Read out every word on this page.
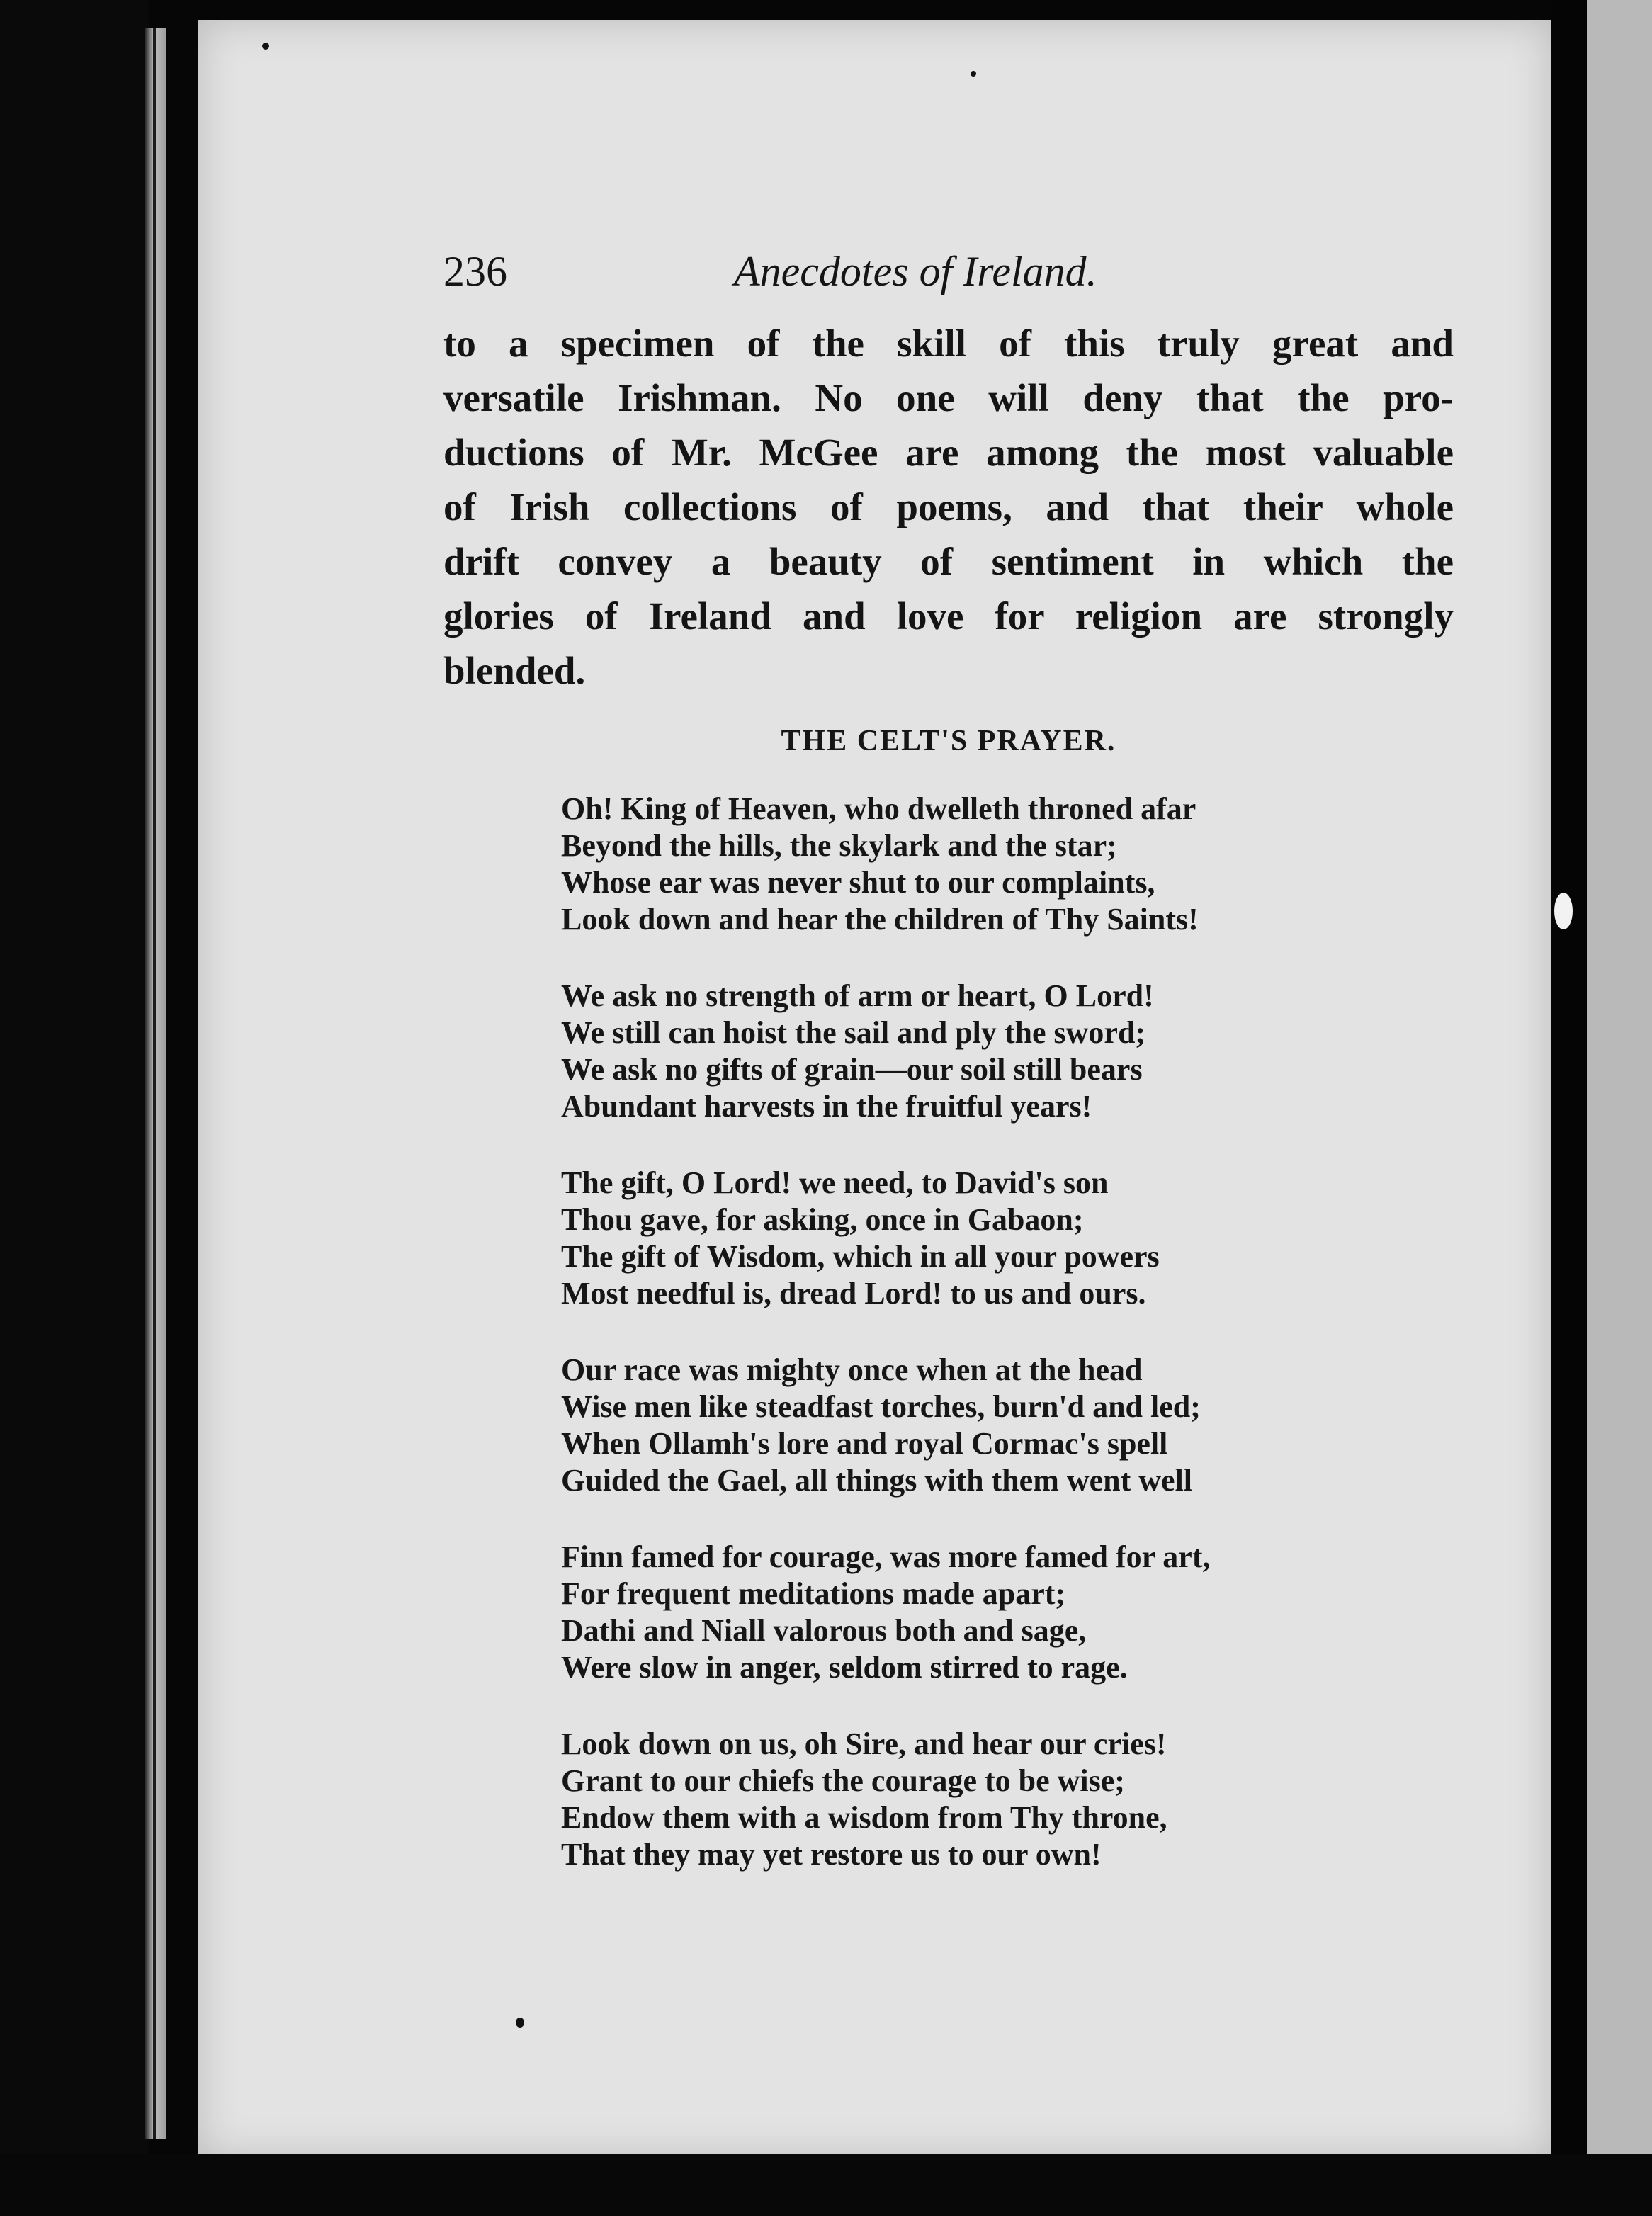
236	Anecdotes of Ireland.
to a specimen of the skill of this truly great and
versatile Irishman. No one will deny that the pro-
ductions of Mr. McGee are among the most valuable
of Irish collections of poems, and that their whole
drift convey a beauty of sentiment in which the
glories of Ireland and love for religion are strongly
blended.
THE CELT'S PRAYER.
Oh! King of Heaven, who dwelleth throned afar
Beyond the hills, the skylark and the star;
Whose ear was never shut to our complaints,
Look down and hear the children of Thy Saints!
We ask no strength of arm or heart, O Lord!
We still can hoist the sail and ply the sword;
We ask no gifts of grain—our soil still bears
Abundant harvests in the fruitful years!
The gift, O Lord! we need, to David's son
Thou gave, for asking, once in Gabaon;
The gift of Wisdom, which in all your powers
Most needful is, dread Lord! to us and ours.
Our race was mighty once when at the head
Wise men like steadfast torches, burn'd and led;
When Ollamh's lore and royal Cormac's spell
Guided the Gael, all things with them went well
Finn famed for courage, was more famed for art,
For frequent meditations made apart;
Dathi and Niall valorous both and sage,
Were slow in anger, seldom stirred to rage.
Look down on us, oh Sire, and hear our cries!
Grant to our chiefs the courage to be wise;
Endow them with a wisdom from Thy throne,
That they may yet restore us to our own!
